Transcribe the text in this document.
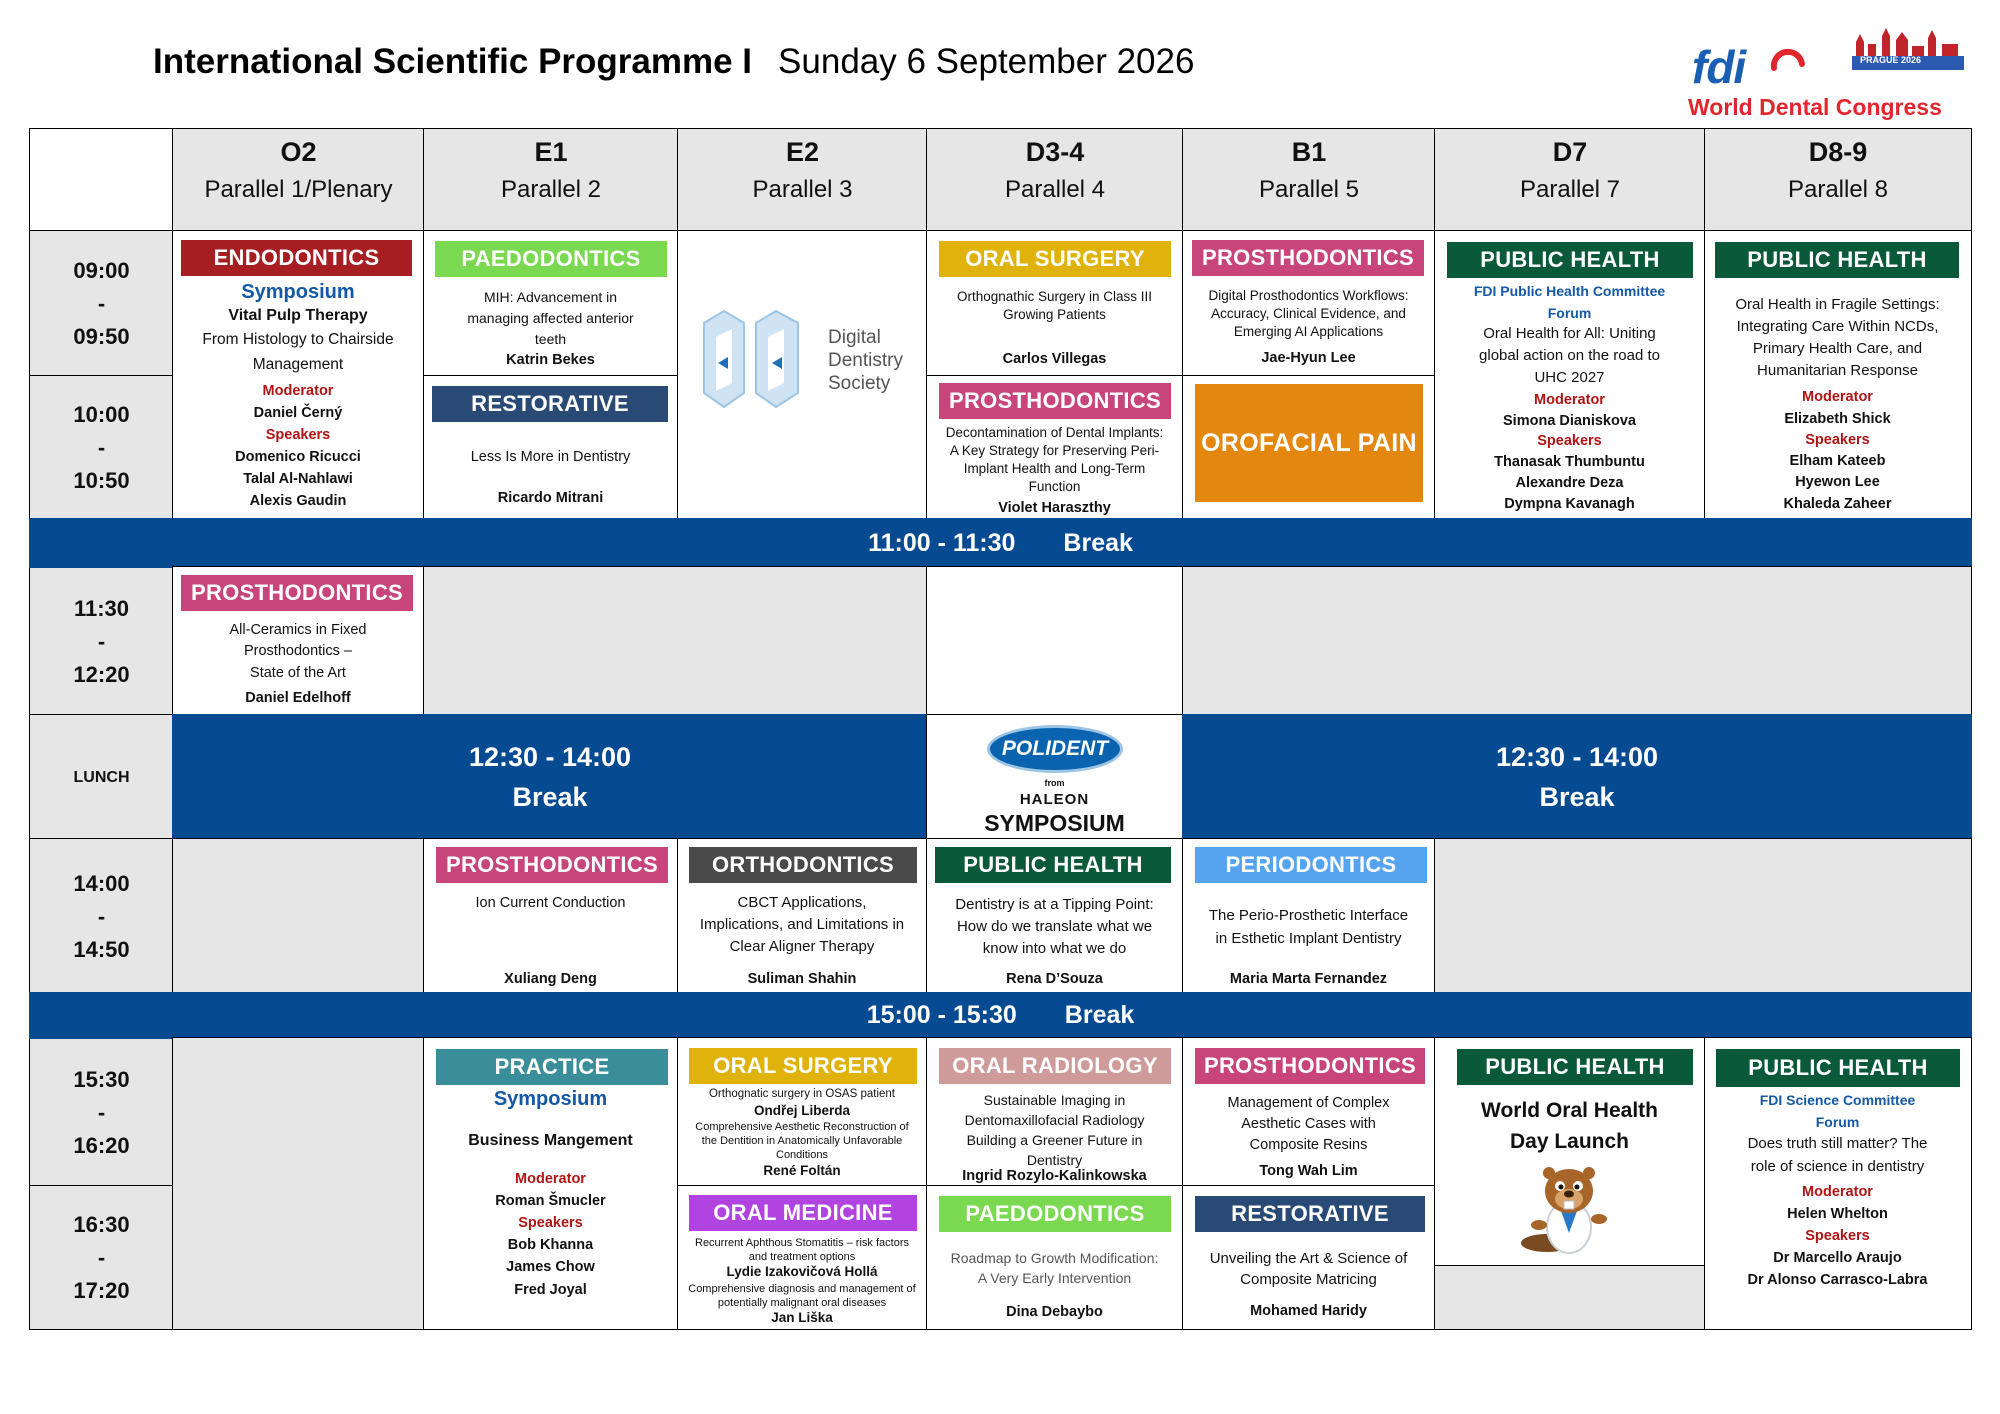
International Scientific Programme I Sunday 6 September 2026	fdi	PRAGUE 2026
World Dental Congress
O2
Parallel 1/Plenary
E1
Parallel 2
E2
Parallel 3
D3-4
Parallel 4
B1
Parallel 5
D7
Parallel 7
D8-9
Parallel 8
09:00
-
09:50
10:00
-
10:50
11:30
-
12:20
LUNCH
14:00
-
14:50
15:30
-
16:20
16:30
-
17:20
ENDODONTICS
Symposium
Vital Pulp Therapy
From Histology to Chairside
Management
Moderator
Daniel Černý
Speakers
Domenico Ricucci
Talal Al-Nahlawi
Alexis Gaudin
PAEDODONTICS
MIH: Advancement in
managing affected anterior
teeth
Katrin Bekes
RESTORATIVE
Less Is More in Dentistry
Ricardo Mitrani
Digital
Dentistry
Society
ORAL SURGERY
Orthognathic Surgery in Class III
Growing Patients
Carlos Villegas
PROSTHODONTICS
Decontamination of Dental Implants:
A Key Strategy for Preserving Peri-
Implant Health and Long-Term
Function
Violet Haraszthy
PROSTHODONTICS
Digital Prosthodontics Workflows:
Accuracy, Clinical Evidence, and
Emerging AI Applications
Jae-Hyun Lee
OROFACIAL PAIN
PUBLIC HEALTH
FDI Public Health Committee
Forum
Oral Health for All: Uniting
global action on the road to
UHC 2027
Moderator
Simona Dianiskova
Speakers
Thanasak Thumbuntu
Alexandre Deza
Dympna Kavanagh
PUBLIC HEALTH
Oral Health in Fragile Settings:
Integrating Care Within NCDs,
Primary Health Care, and
Humanitarian Response
Moderator
Elizabeth Shick
Speakers
Elham Kateeb
Hyewon Lee
Khaleda Zaheer
11:00 - 11:30 Break
PROSTHODONTICS
All-Ceramics in Fixed
Prosthodontics –
State of the Art
Daniel Edelhoff
12:30 - 14:00
Break
POLIDENT
from
HALEON
SYMPOSIUM
12:30 - 14:00
Break
PROSTHODONTICS
Ion Current Conduction
Xuliang Deng
ORTHODONTICS
CBCT Applications,
Implications, and Limitations in
Clear Aligner Therapy
Suliman Shahin
PUBLIC HEALTH
Dentistry is at a Tipping Point:
How do we translate what we
know into what we do
Rena D’Souza
PERIODONTICS
The Perio-Prosthetic Interface
in Esthetic Implant Dentistry
Maria Marta Fernandez
15:00 - 15:30 Break
PRACTICE
Symposium
Business Mangement
Moderator
Roman Šmucler
Speakers
Bob Khanna
James Chow
Fred Joyal
ORAL SURGERY
Orthognatic surgery in OSAS patient
Ondřej Liberda
Comprehensive Aesthetic Reconstruction of
the Dentition in Anatomically Unfavorable
Conditions
René Foltán
ORAL MEDICINE
Recurrent Aphthous Stomatitis – risk factors
and treatment options
Lydie Izakovičová Hollá
Comprehensive diagnosis and management of
potentially malignant oral diseases
Jan Liška
ORAL RADIOLOGY
Sustainable Imaging in
Dentomaxillofacial Radiology
Building a Greener Future in
Dentistry
Ingrid Rozylo-Kalinkowska
PAEDODONTICS
Roadmap to Growth Modification:
A Very Early Intervention
Dina Debaybo
PROSTHODONTICS
Management of Complex
Aesthetic Cases with
Composite Resins
Tong Wah Lim
RESTORATIVE
Unveiling the Art & Science of
Composite Matricing
Mohamed Haridy
PUBLIC HEALTH
World Oral Health
Day Launch
PUBLIC HEALTH
FDI Science Committee
Forum
Does truth still matter? The
role of science in dentistry
Moderator
Helen Whelton
Speakers
Dr Marcello Araujo
Dr Alonso Carrasco-Labra
